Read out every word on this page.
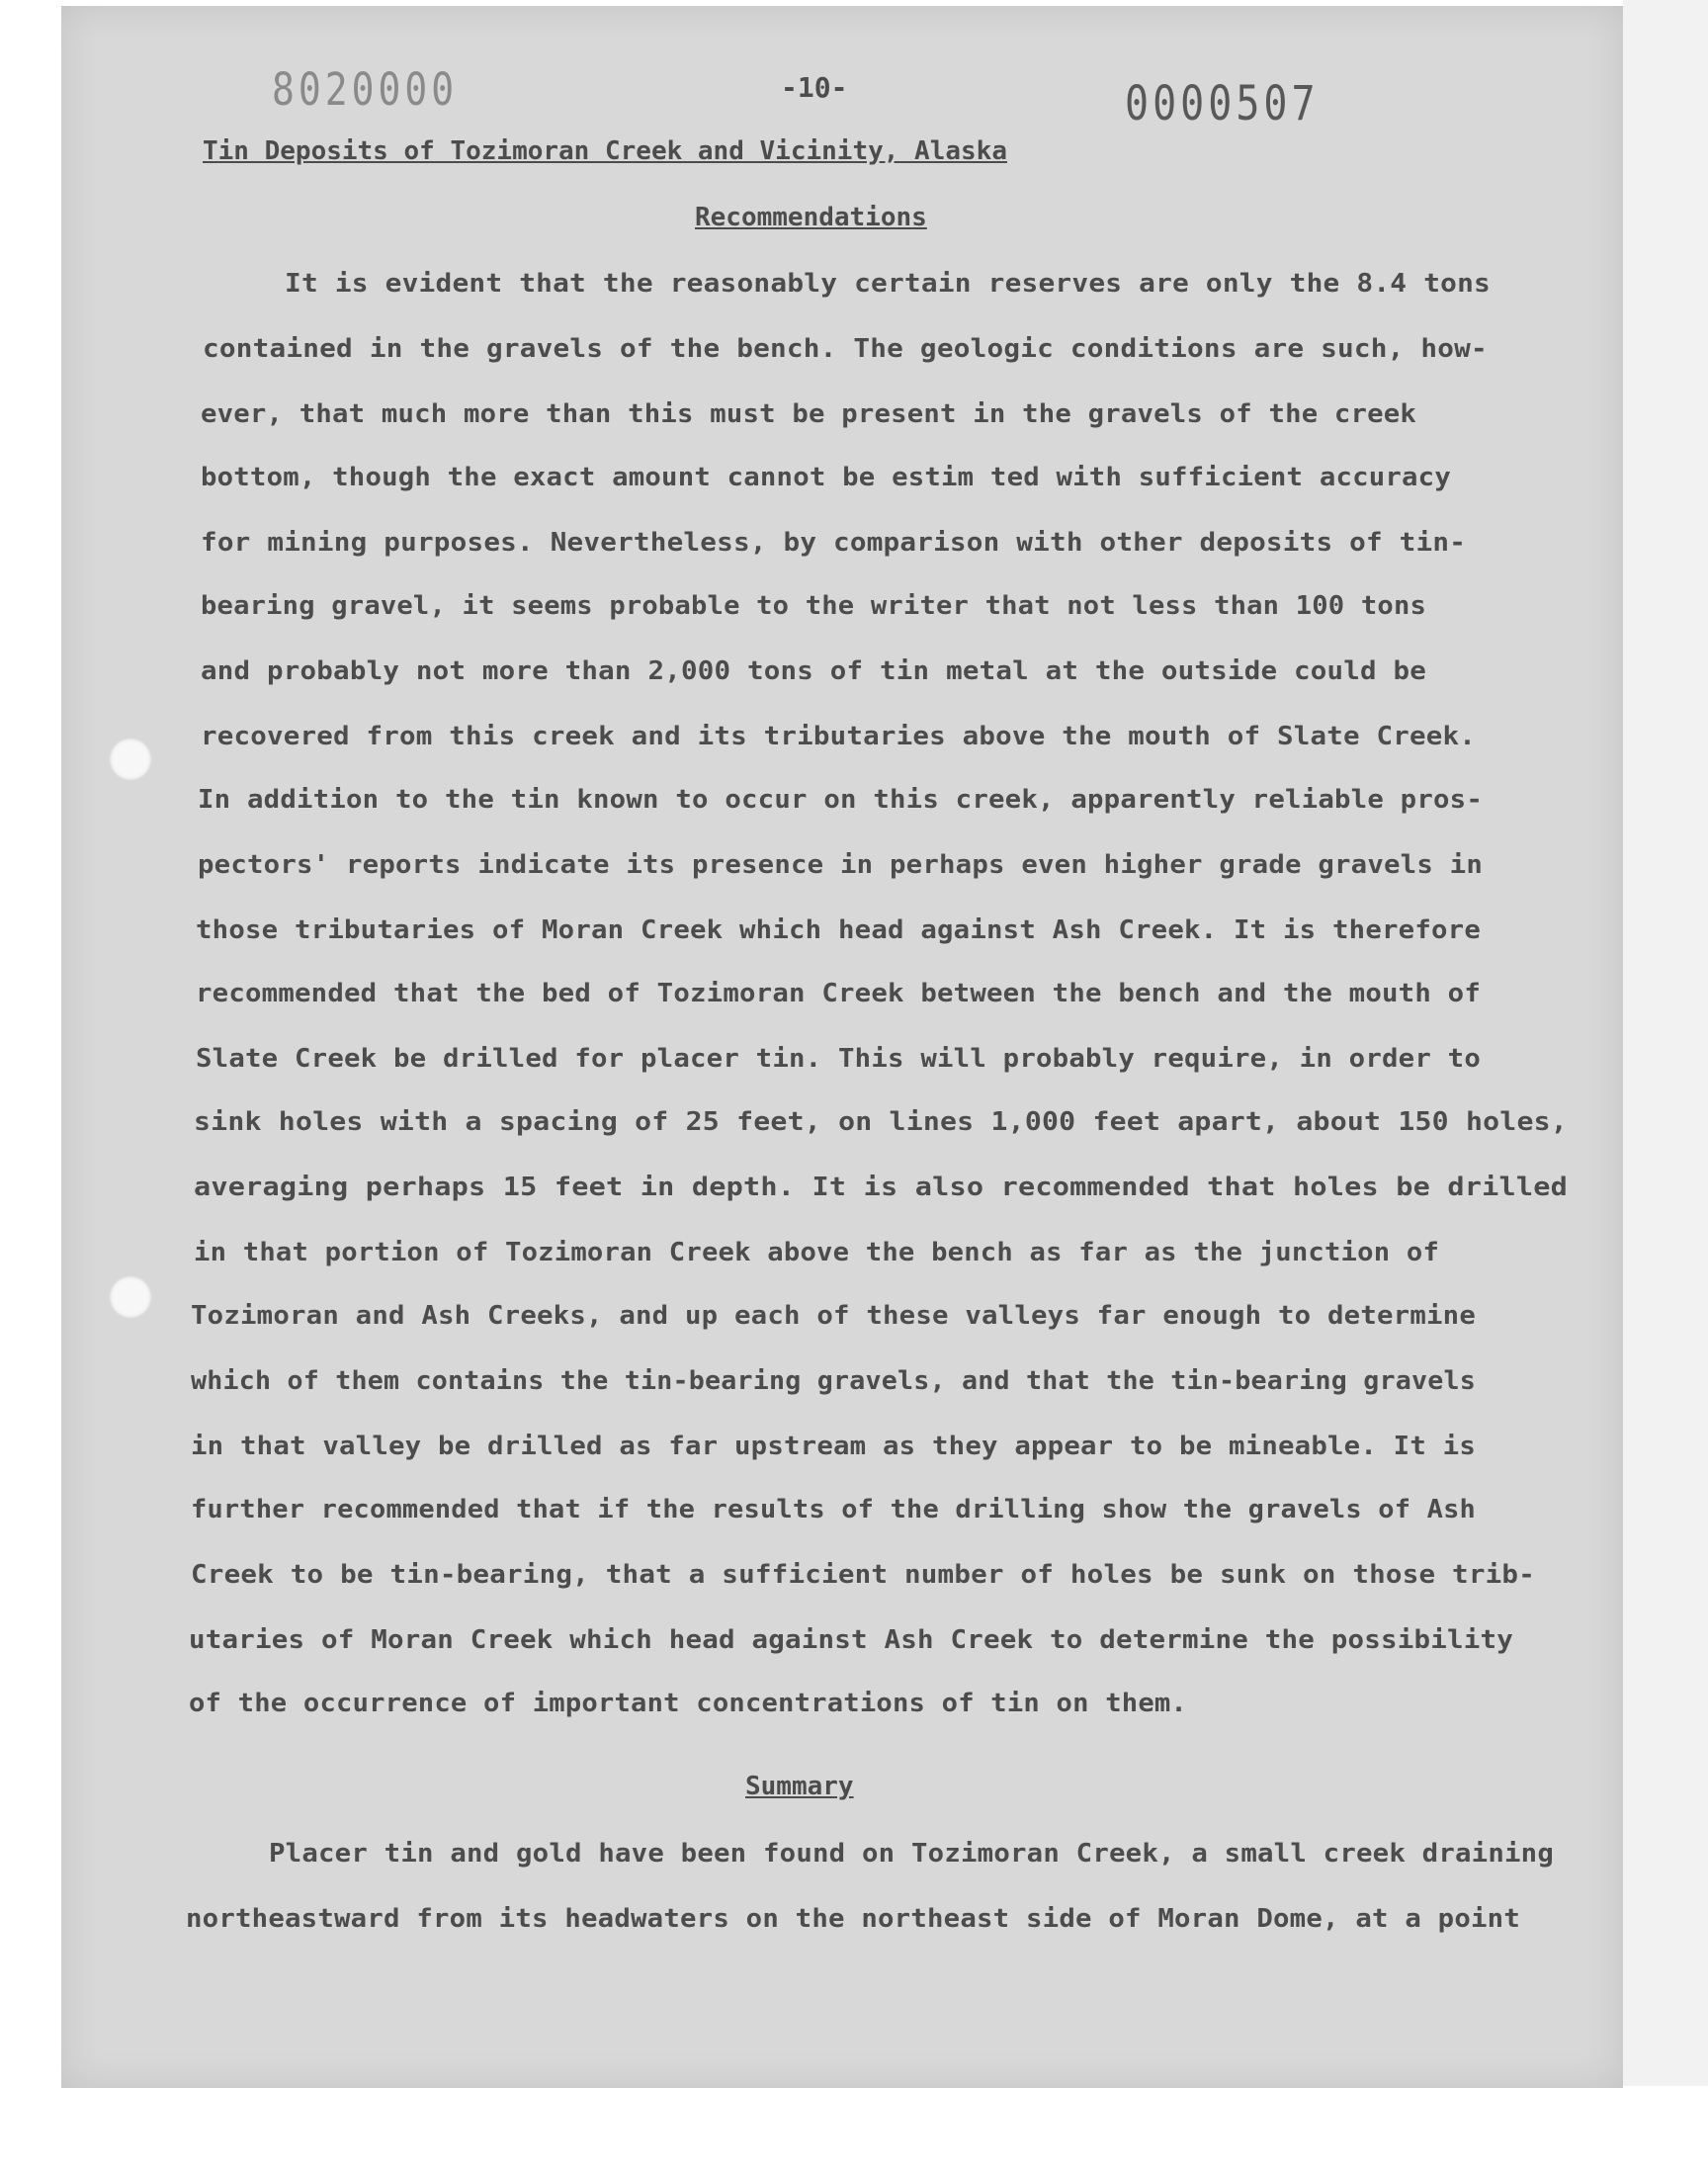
8020000	-10-	0000507
Tin Deposits of Tozimoran Creek and Vicinity, Alaska
Recommendations
It is evident that the reasonably certain reserves are only the 8.4 tons
contained in the gravels of the bench. The geologic conditions are such, how-
ever, that much more than this must be present in the gravels of the creek
bottom, though the exact amount cannot be estim ted with sufficient accuracy
for mining purposes. Nevertheless, by comparison with other deposits of tin-
bearing gravel, it seems probable to the writer that not less than 100 tons
and probably not more than 2,000 tons of tin metal at the outside could be
recovered from this creek and its tributaries above the mouth of Slate Creek.
In addition to the tin known to occur on this creek, apparently reliable pros-
pectors' reports indicate its presence in perhaps even higher grade gravels in
those tributaries of Moran Creek which head against Ash Creek. It is therefore
recommended that the bed of Tozimoran Creek between the bench and the mouth of
Slate Creek be drilled for placer tin. This will probably require, in order to
sink holes with a spacing of 25 feet, on lines 1,000 feet apart, about 150 holes,
averaging perhaps 15 feet in depth. It is also recommended that holes be drilled
in that portion of Tozimoran Creek above the bench as far as the junction of
Tozimoran and Ash Creeks, and up each of these valleys far enough to determine
which of them contains the tin-bearing gravels, and that the tin-bearing gravels
in that valley be drilled as far upstream as they appear to be mineable. It is
further recommended that if the results of the drilling show the gravels of Ash
Creek to be tin-bearing, that a sufficient number of holes be sunk on those trib-
utaries of Moran Creek which head against Ash Creek to determine the possibility
of the occurrence of important concentrations of tin on them.
Summary
Placer tin and gold have been found on Tozimoran Creek, a small creek draining
northeastward from its headwaters on the northeast side of Moran Dome, at a point
